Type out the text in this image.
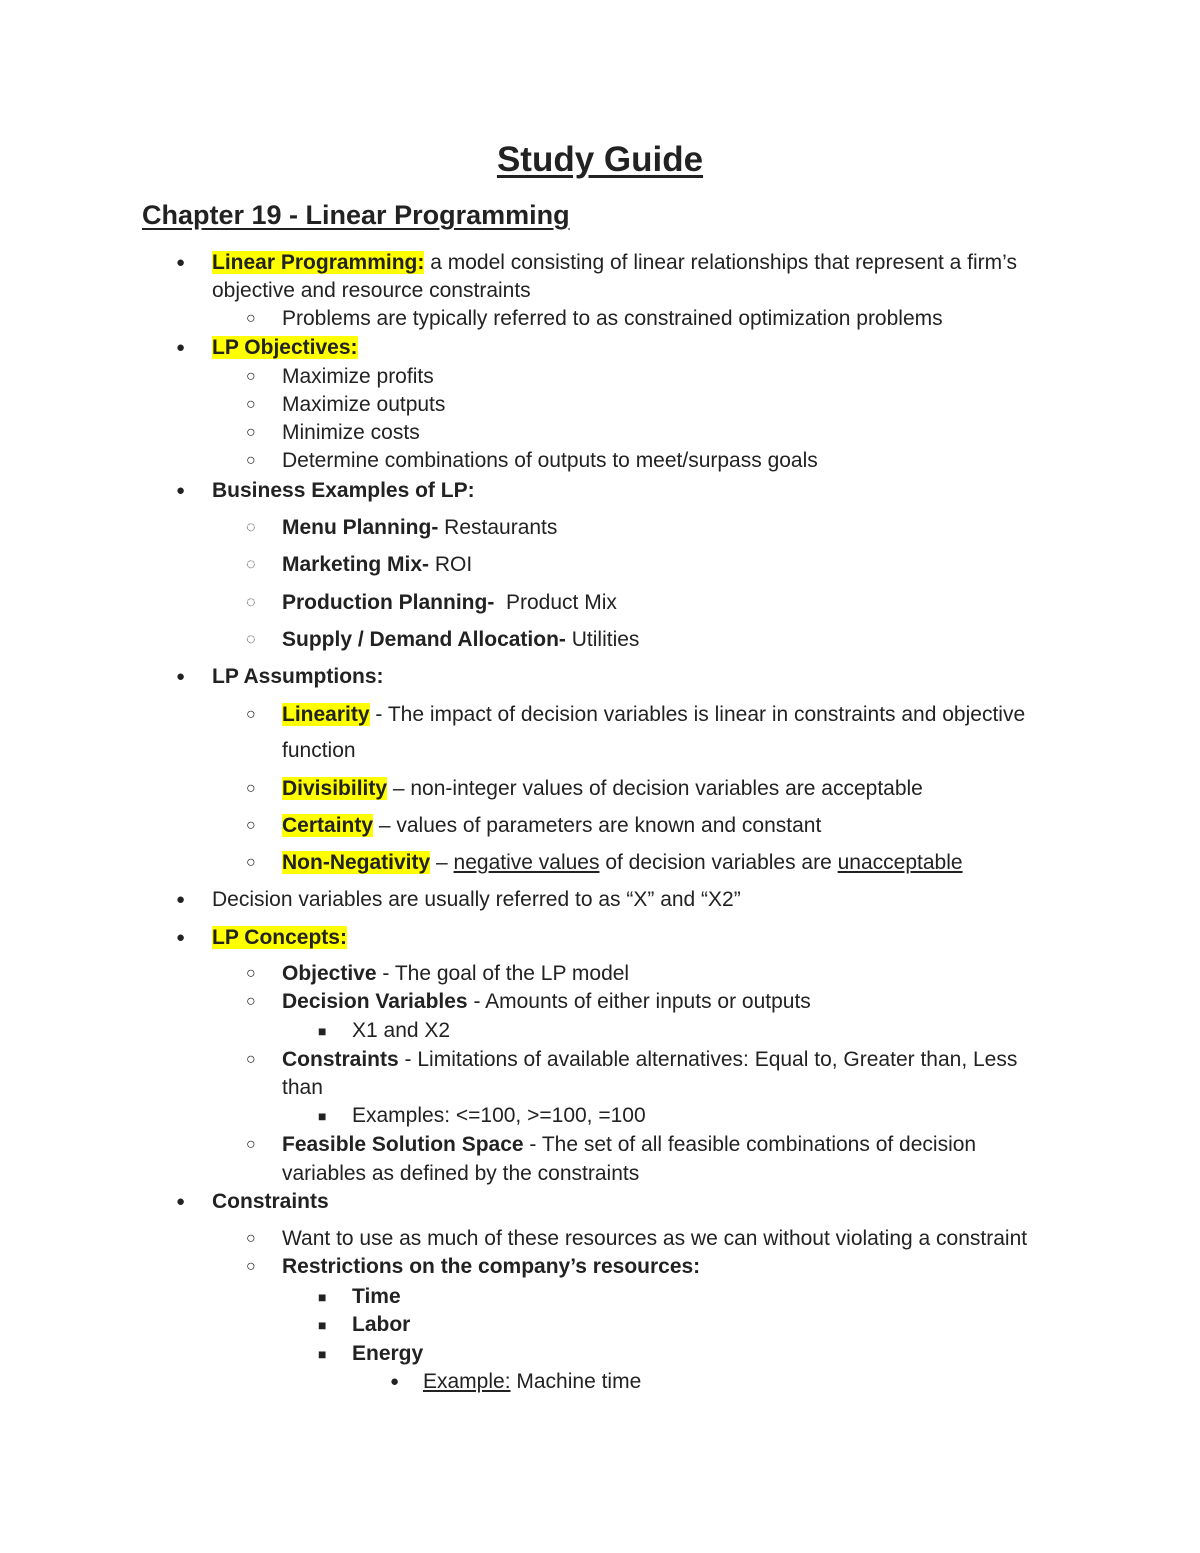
Study Guide
Chapter 19 - Linear Programming
● Linear Programming: a model consisting of linear relationships that represent a firm’s
objective and resource constraints
○ Problems are typically referred to as constrained optimization problems
● LP Objectives:
○ Maximize profits
○ Maximize outputs
○ Minimize costs
○ Determine combinations of outputs to meet/surpass goals
● Business Examples of LP:
◌ Menu Planning- Restaurants
◌ Marketing Mix- ROI
◌ Production Planning-  Product Mix
◌ Supply / Demand Allocation- Utilities
● LP Assumptions:
○ Linearity - The impact of decision variables is linear in constraints and objective
function
○ Divisibility – non-integer values of decision variables are acceptable
○ Certainty – values of parameters are known and constant
○ Non-Negativity – negative values of decision variables are unacceptable
● Decision variables are usually referred to as “X” and “X2”
● LP Concepts:
○ Objective - The goal of the LP model
○ Decision Variables - Amounts of either inputs or outputs
■ X1 and X2
○ Constraints - Limitations of available alternatives: Equal to, Greater than, Less
than
■ Examples: <=100, >=100, =100
○ Feasible Solution Space - The set of all feasible combinations of decision
variables as defined by the constraints
● Constraints
○ Want to use as much of these resources as we can without violating a constraint
○ Restrictions on the company’s resources:
■ Time
■ Labor
■ Energy
● Example: Machine time
